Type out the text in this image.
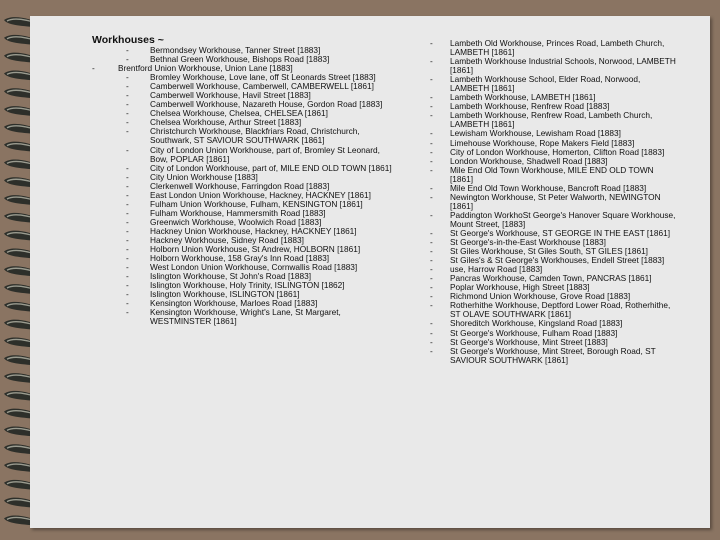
Workhouses ~
-	Bermondsey Workhouse, Tanner Street [1883]
-	Bethnal Green Workhouse, Bishops Road [1883]
-	Brentford Union Workhouse, Union Lane [1883]
-	Bromley Workhouse, Love lane, off St Leonards Street [1883]
-	Camberwell Workhouse, Camberwell, CAMBERWELL [1861]
-	Camberwell Workhouse, Havil Street [1883]
-	Camberwell Workhouse, Nazareth House, Gordon Road [1883]
-	Chelsea Workhouse, Chelsea, CHELSEA [1861]
-	Chelsea Workhouse, Arthur Street [1883]
-	Christchurch Workhouse, Blackfriars Road, Christchurch, Southwark, ST SAVIOUR SOUTHWARK [1861]
-	City of London Union Workhouse, part of, Bromley St Leonard, Bow, POPLAR [1861]
-	City of London Workhouse, part of, MILE END OLD TOWN [1861]
-	City Union Workhouse [1883]
-	Clerkenwell Workhouse, Farringdon Road [1883]
-	East London Union Workhouse, Hackney, HACKNEY [1861]
-	Fulham Union Workhouse, Fulham, KENSINGTON [1861]
-	Fulham Workhouse, Hammersmith Road [1883]
-	Greenwich Workhouse, Woolwich Road [1883]
-	Hackney Union Workhouse, Hackney, HACKNEY [1861]
-	Hackney Workhouse, Sidney Road [1883]
-	Holborn Union Workhouse, St Andrew, HOLBORN [1861]
-	Holborn Workhouse, 158 Gray's Inn Road [1883]
-	West London Union Workhouse, Cornwallis Road [1883]
-	Islington Workhouse, St John's Road [1883]
-	Islington Workhouse, Holy Trinity, ISLINGTON [1862]
-	Islington Workhouse, ISLINGTON [1861]
-	Kensington Workhouse, Marloes Road [1883]
-	Kensington Workhouse, Wright's Lane, St Margaret, WESTMINSTER [1861]
- Lambeth Old Workhouse, Princes Road, Lambeth Church, LAMBETH [1861]
- Lambeth Workhouse Industrial Schools, Norwood, LAMBETH [1861]
- Lambeth Workhouse School, Elder Road, Norwood, LAMBETH [1861]
- Lambeth Workhouse, LAMBETH [1861]
- Lambeth Workhouse, Renfrew Road [1883]
- Lambeth Workhouse, Renfrew Road, Lambeth Church, LAMBETH [1861]
- Lewisham Workhouse, Lewisham Road [1883]
- Limehouse Workhouse, Rope Makers Field [1883]
- City of London Workhouse, Homerton, Clifton Road [1883]
- London Workhouse, Shadwell Road [1883]
- Mile End Old Town Workhouse, MILE END OLD TOWN [1861]
- Mile End Old Town Workhouse, Bancroft Road [1883]
- Newington Workhouse, St Peter Walworth, NEWINGTON [1861]
- Paddington WorkhoSt George's Hanover Square Workhouse, Mount Street, [1883]
- St George's Workhouse, ST GEORGE IN THE EAST [1861]
- St George's-in-the-East Workhouse [1883]
- St Giles Workhouse, St Giles South, ST GILES [1861]
- St Giles's & St George's Workhouses, Endell Street [1883]
- use, Harrow Road [1883]
- Pancras Workhouse, Camden Town, PANCRAS [1861]
- Poplar Workhouse, High Street [1883]
- Richmond Union Workhouse, Grove Road [1883]
- Rotherhithe Workhouse, Deptford Lower Road, Rotherhithe, ST OLAVE SOUTHWARK [1861]
- Shoreditch Workhouse, Kingsland Road [1883]
- St George's Workhouse, Fulham Road [1883]
- St George's Workhouse, Mint Street [1883]
- St George's Workhouse, Mint Street, Borough Road, ST SAVIOUR SOUTHWARK [1861]
